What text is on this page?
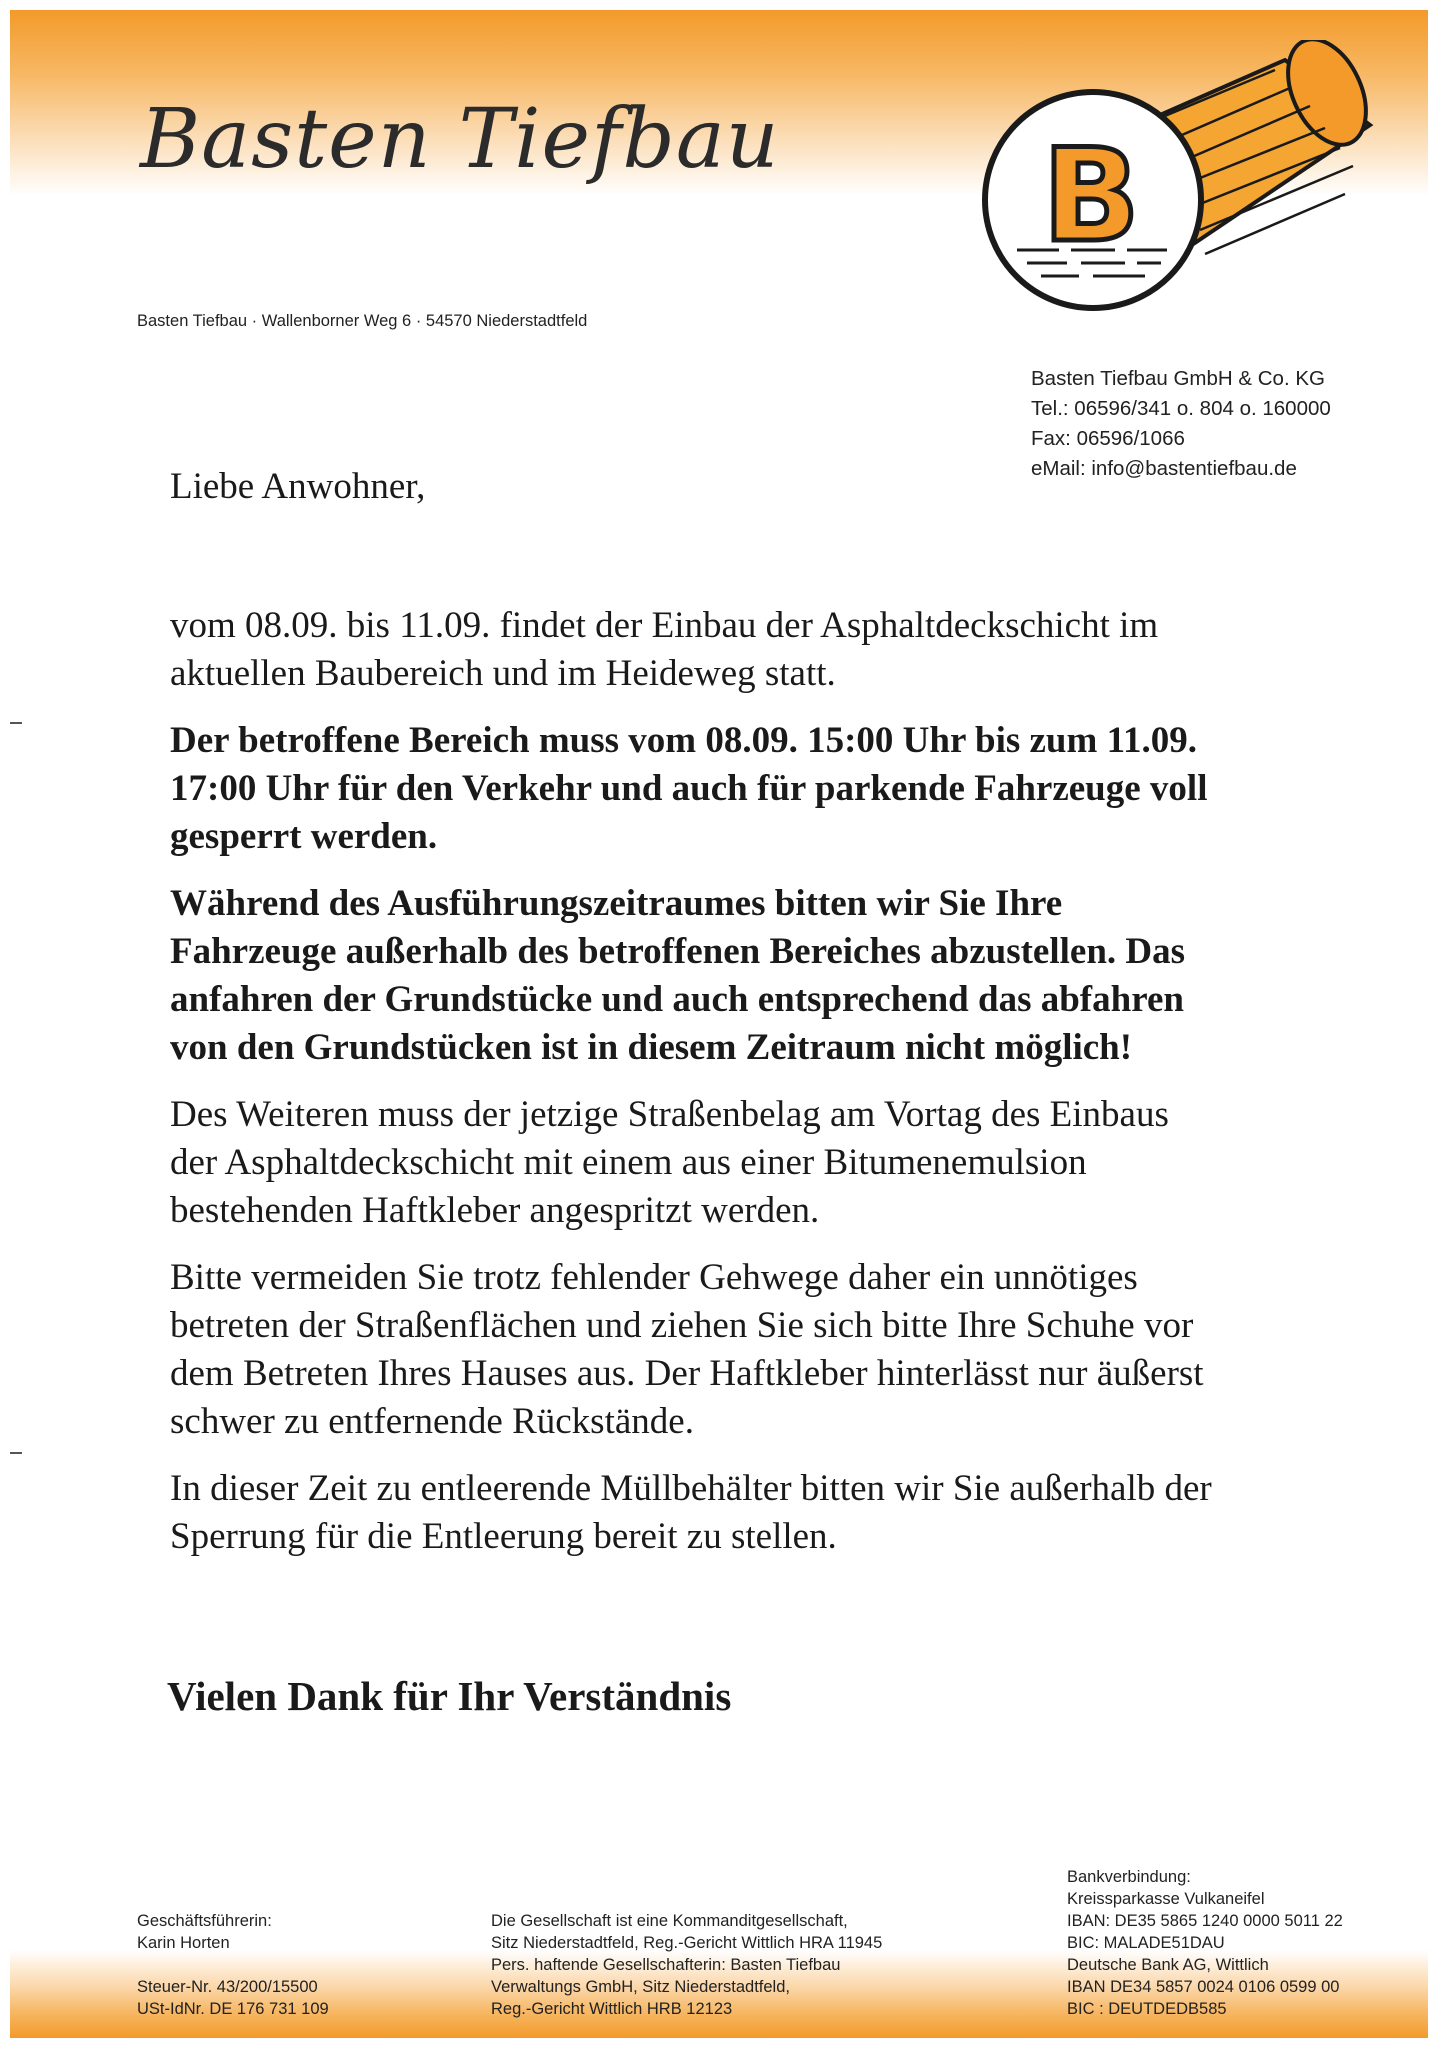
Basten Tiefbau B

Basten Tiefbau · Wallenborner Weg 6 · 54570 Niederstadtfeld

Basten Tiefbau GmbH & Co. KG
Tel.: 06596/341 o. 804 o. 160000
Fax: 06596/1066
eMail: info@bastentiefbau.de

Liebe Anwohner,

vom 08.09. bis 11.09. findet der Einbau der Asphaltdeckschicht im
aktuellen Baubereich und im Heideweg statt.

Der betroffene Bereich muss vom 08.09. 15:00 Uhr bis zum 11.09.
17:00 Uhr für den Verkehr und auch für parkende Fahrzeuge voll
gesperrt werden.

Während des Ausführungszeitraumes bitten wir Sie Ihre
Fahrzeuge außerhalb des betroffenen Bereiches abzustellen. Das
anfahren der Grundstücke und auch entsprechend das abfahren
von den Grundstücken ist in diesem Zeitraum nicht möglich!

Des Weiteren muss der jetzige Straßenbelag am Vortag des Einbaus
der Asphaltdeckschicht mit einem aus einer Bitumenemulsion
bestehenden Haftkleber angespritzt werden.

Bitte vermeiden Sie trotz fehlender Gehwege daher ein unnötiges
betreten der Straßenflächen und ziehen Sie sich bitte Ihre Schuhe vor
dem Betreten Ihres Hauses aus. Der Haftkleber hinterlässt nur äußerst
schwer zu entfernende Rückstände.

In dieser Zeit zu entleerende Müllbehälter bitten wir Sie außerhalb der
Sperrung für die Entleerung bereit zu stellen.

Vielen Dank für Ihr Verständnis

Geschäftsführerin:
Karin Horten
Steuer-Nr. 43/200/15500
USt-IdNr. DE 176 731 109
Die Gesellschaft ist eine Kommanditgesellschaft,
Sitz Niederstadtfeld, Reg.-Gericht Wittlich HRA 11945
Pers. haftende Gesellschafterin: Basten Tiefbau
Verwaltungs GmbH, Sitz Niederstadtfeld,
Reg.-Gericht Wittlich HRB 12123
Bankverbindung:
Kreissparkasse Vulkaneifel
IBAN: DE35 5865 1240 0000 5011 22
BIC: MALADE51DAU
Deutsche Bank AG, Wittlich
IBAN DE34 5857 0024 0106 0599 00
BIC : DEUTDEDB585
